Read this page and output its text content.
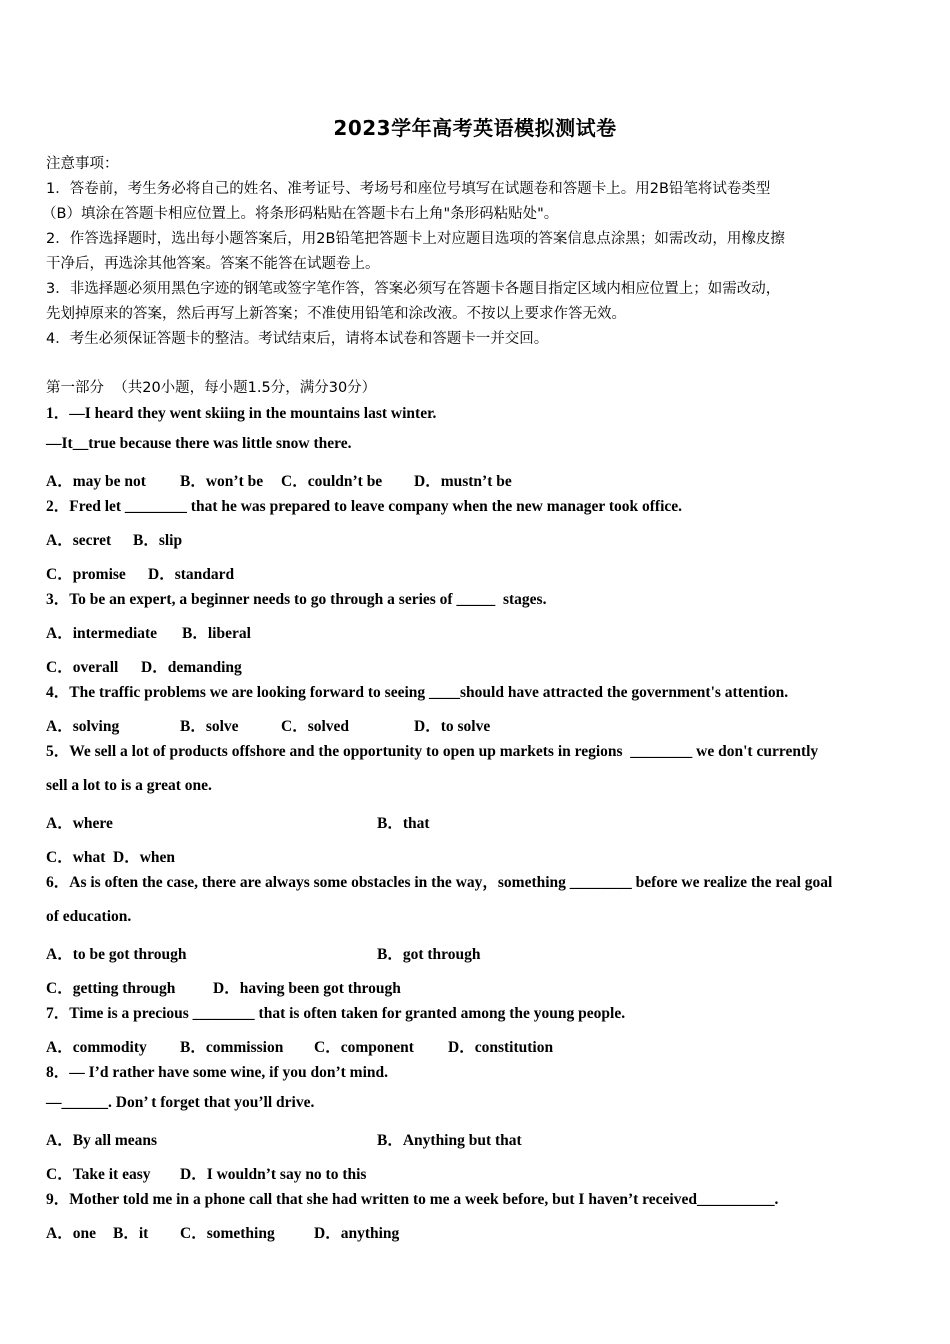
2023学年高考英语模拟测试卷
注意事项：
1．答卷前，考生务必将自己的姓名、准考证号、考场号和座位号填写在试题卷和答题卡上。用2B铅笔将试卷类型
（B）填涂在答题卡相应位置上。将条形码粘贴在答题卡右上角"条形码粘贴处"。
2．作答选择题时，选出每小题答案后，用2B铅笔把答题卡上对应题目选项的答案信息点涂黑；如需改动，用橡皮擦
干净后，再选涂其他答案。答案不能答在试题卷上。
3．非选择题必须用黑色字迹的钢笔或签字笔作答，答案必须写在答题卡各题目指定区域内相应位置上；如需改动，
先划掉原来的答案，然后再写上新答案；不准使用铅笔和涂改液。不按以上要求作答无效。
4．考生必须保证答题卡的整洁。考试结束后，请将本试卷和答题卡一并交回。
第一部分  （共20小题，每小题1.5分，满分30分）
1．—I heard they went skiing in the mountains last winter.
—It__true because there was little snow there.
A．may be not B．won’t be C．couldn’t be D．mustn’t be
2．Fred let ________ that he was prepared to leave company when the new manager took office.
A．secret B．slip
C．promise D．standard
3．To be an expert, a beginner needs to go through a series of _____  stages.
A．intermediate B．liberal
C．overall D．demanding
4．The traffic problems we are looking forward to seeing ____should have attracted the government's attention.
A．solving	B．solve	C．solved	D．to solve
5．We sell a lot of products offshore and the opportunity to open up markets in regions  ________ we don't currently
sell a lot to is a great one.
A．where	B．that
C．what D．when
6．As is often the case, there are always some obstacles in the way，something ________ before we realize the real goal
of education.
A．to be got through	B．got through
C．getting through D．having been got through
7．Time is a precious ________ that is often taken for granted among the young people.
A．commodity B．commission C．component D．constitution
8．— I’d rather have some wine, if you don’t mind.
—______. Don’ t forget that you’ll drive.
A．By all means	B．Anything but that
C．Take it easy D．I wouldn’t say no to this
9．Mother told me in a phone call that she had written to me a week before, but I haven’t received__________.
A．one B．it C．something	D．anything
